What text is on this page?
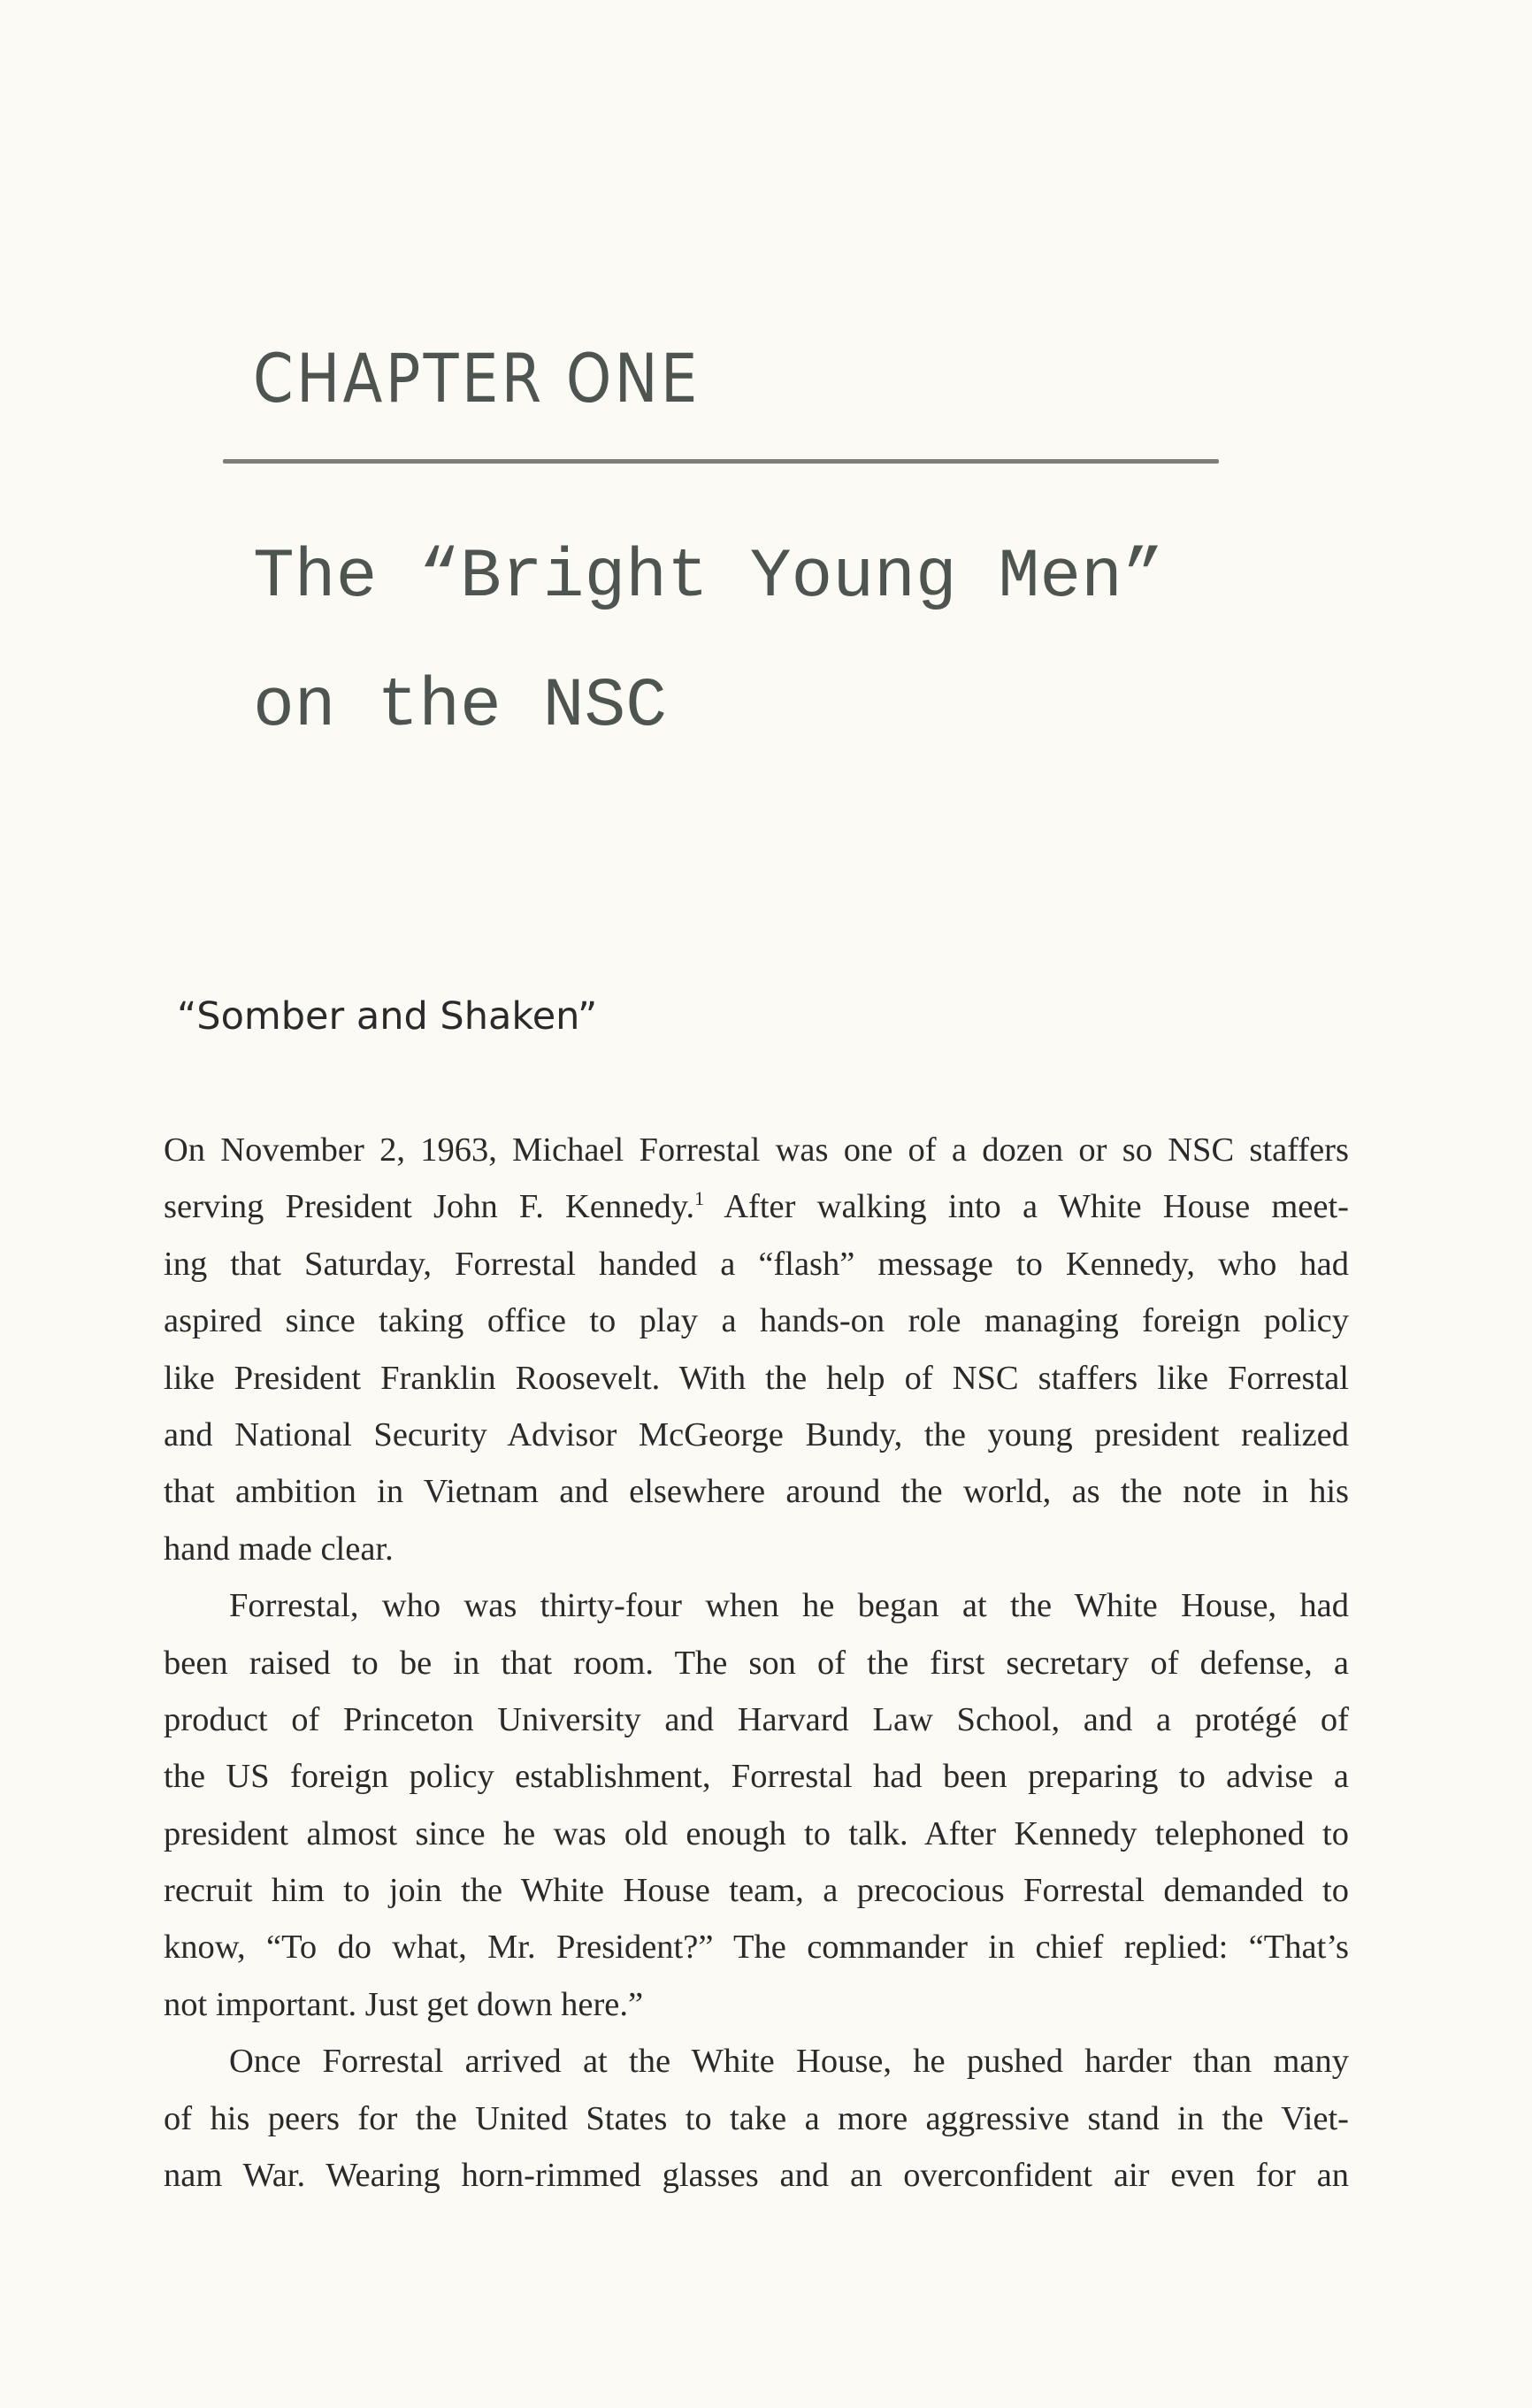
CHAPTER ONE
The “Bright Young Men”
on the NSC
“Somber and Shaken”
On November 2, 1963, Michael Forrestal was one of a dozen or so NSC staffers
serving President John F. Kennedy.$^1$ After walking into a White House meet-
ing that Saturday, Forrestal handed a “flash” message to Kennedy, who had
aspired since taking office to play a hands-on role managing foreign policy
like President Franklin Roosevelt. With the help of NSC staffers like Forrestal
and National Security Advisor McGeorge Bundy, the young president realized
that ambition in Vietnam and elsewhere around the world, as the note in his
hand made clear.
Forrestal, who was thirty-four when he began at the White House, had
been raised to be in that room. The son of the first secretary of defense, a
product of Princeton University and Harvard Law School, and a protégé of
the US foreign policy establishment, Forrestal had been preparing to advise a
president almost since he was old enough to talk. After Kennedy telephoned to
recruit him to join the White House team, a precocious Forrestal demanded to
know, “To do what, Mr. President?” The commander in chief replied: “That’s
not important. Just get down here.”
Once Forrestal arrived at the White House, he pushed harder than many
of his peers for the United States to take a more aggressive stand in the Viet-
nam War. Wearing horn-rimmed glasses and an overconfident air even for an
